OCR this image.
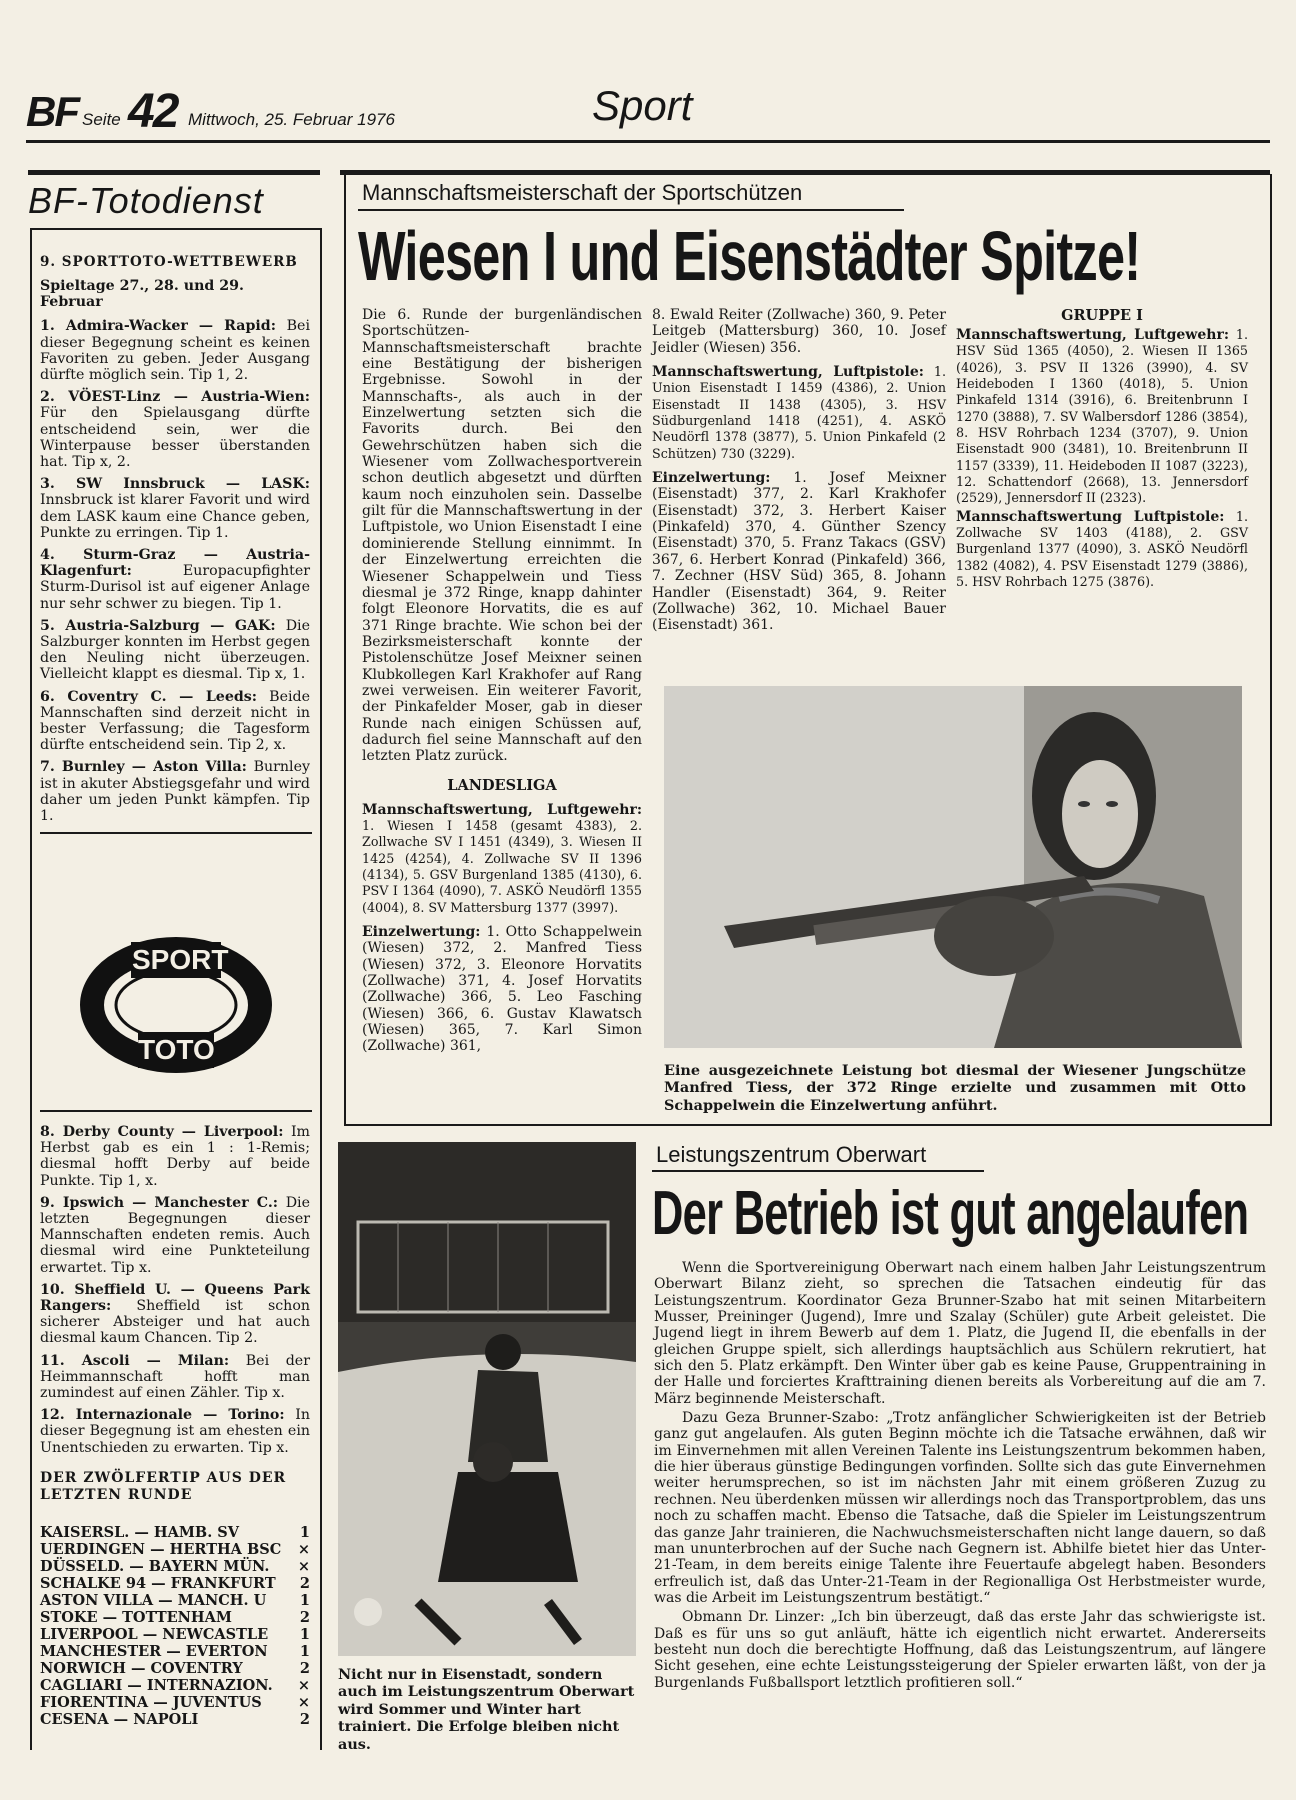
BF Seite 42 Mittwoch, 25. Februar 1976	Sport
BF-Totodienst
9. SPORTTOTO-WETTBEWERB
Spieltage 27., 28. und 29. Februar

1. Admira-Wacker — Rapid: Bei dieser Begegnung scheint es keinen Favoriten zu geben. Jeder Ausgang dürfte möglich sein. Tip 1, 2.

2. VÖEST-Linz — Austria-Wien: Für den Spielausgang dürfte entscheidend sein, wer die Winterpause besser überstanden hat. Tip x, 2.

3. SW Innsbruck — LASK: Innsbruck ist klarer Favorit und wird dem LASK kaum eine Chance geben, Punkte zu erringen. Tip 1.

4. Sturm-Graz — Austria-Klagenfurt:	Europacupfighter Sturm-Durisol ist auf eigener Anlage nur sehr schwer zu biegen. Tip 1.

5. Austria-Salzburg — GAK: Die Salzburger konnten im Herbst gegen den Neuling nicht überzeugen. Vielleicht klappt es diesmal. Tip x, 1.

6. Coventry C. — Leeds: Beide Mannschaften sind derzeit nicht in bester Verfassung; die Tagesform dürfte entscheidend sein. Tip 2, x.

7. Burnley — Aston Villa: Burnley ist in akuter Abstiegsgefahr und wird daher um jeden Punkt kämpfen. Tip 1.

SPORT
TOTO

8. Derby County — Liverpool: Im Herbst gab es ein 1 : 1-Remis; diesmal hofft Derby auf beide Punkte. Tip 1, x.

9. Ipswich — Manchester C.: Die letzten Begegnungen dieser Mannschaften endeten remis. Auch diesmal wird eine Punkteteilung erwartet. Tip x.

10. Sheffield U. — Queens Park Rangers: Sheffield ist schon sicherer Absteiger und hat auch diesmal kaum Chancen. Tip 2.

11. Ascoli — Milan: Bei der Heimmannschaft hofft man zumindest auf einen Zähler. Tip x.

12. Internazionale — Torino: In dieser Begegnung ist am ehesten ein Unentschieden zu erwarten. Tip x.

DER ZWÖLFERTIP AUS DER LETZTEN RUNDE
KAISERSL. — HAMB. SV	1
UERDINGEN — HERTHA BSC ×
DÜSSELD. — BAYERN MÜN. ×
SCHALKE 94 — FRANKFURT 2
ASTON VILLA — MANCH. U 1
STOKE — TOTTENHAM	2
LIVERPOOL — NEWCASTLE 1
MANCHESTER — EVERTON 1
NORWICH — COVENTRY	2
CAGLIARI — INTERNAZION. ×
FIORENTINA — JUVENTUS ×
CESENA — NAPOLI	2
Mannschaftsmeisterschaft der Sportschützen
Wiesen I und Eisenstädter Spitze!

Die 6. Runde der burgenländischen Sportschützen-Mannschaftsmeisterschaft brachte eine Bestätigung der bisherigen Ergebnisse. Sowohl in der Mannschafts-, als auch in der Einzelwertung setzten sich die Favorits durch. Bei den Gewehrschützen haben sich die Wiesener vom Zollwachesportverein schon deutlich abgesetzt und dürften kaum noch einzuholen sein. Dasselbe gilt für die Mannschaftswertung in der Luftpistole, wo Union Eisenstadt I eine dominierende Stellung einnimmt. In der Einzelwertung erreichten die Wiesener Schappelwein und Tiess diesmal je 372 Ringe, knapp dahinter folgt Eleonore Horvatits, die es auf 371 Ringe brachte. Wie schon bei der Bezirksmeisterschaft konnte der Pistolenschütze Josef Meixner seinen Klubkollegen Karl Krakhofer auf Rang zwei verweisen. Ein weiterer Favorit, der Pinkafelder Moser, gab in dieser Runde nach einigen Schüssen auf, dadurch fiel seine Mannschaft auf den letzten Platz zurück.

LANDESLIGA

Mannschaftswertung, Luftgewehr: 1. Wiesen I 1458 (gesamt 4383), 2. Zollwache SV I 1451 (4349), 3. Wiesen II 1425 (4254), 4. Zollwache SV II 1396 (4134), 5. GSV Burgenland 1385 (4130), 6. PSV I 1364 (4090), 7. ASKÖ Neudörfl 1355 (4004), 8. SV Mattersburg 1377 (3997).

Einzelwertung: 1. Otto Schappelwein (Wiesen) 372, 2. Manfred Tiess (Wiesen) 372, 3. Eleonore Horvatits (Zollwache) 371, 4. Josef Horvatits (Zollwache) 366, 5. Leo Fasching (Wiesen) 366, 6. Gustav Klawatsch (Wiesen) 365, 7. Karl Simon (Zollwache) 361,

8. Ewald Reiter (Zollwache) 360, 9. Peter Leitgeb (Mattersburg) 360, 10. Josef Jeidler (Wiesen) 356.

Mannschaftswertung, Luftpistole: 1. Union Eisenstadt I 1459 (4386), 2. Union Eisenstadt II 1438 (4305), 3. HSV Südburgenland 1418 (4251), 4. ASKÖ Neudörfl 1378 (3877), 5. Union Pinkafeld (2 Schützen) 730 (3229).

Einzelwertung: 1. Josef Meixner (Eisenstadt) 377, 2. Karl Krakhofer (Eisenstadt) 372, 3. Herbert Kaiser (Pinkafeld) 370, 4. Günther Szency (Eisenstadt) 370, 5. Franz Takacs (GSV) 367, 6. Herbert Konrad (Pinkafeld) 366, 7. Zechner (HSV Süd) 365, 8. Johann Handler (Eisenstadt) 364, 9. Reiter (Zollwache) 362, 10. Michael Bauer (Eisenstadt) 361.

GRUPPE I

Mannschaftswertung, Luftgewehr: 1. HSV Süd 1365 (4050), 2. Wiesen II 1365 (4026), 3. PSV II 1326 (3990), 4. SV Heideboden I 1360 (4018), 5. Union Pinkafeld 1314 (3916), 6. Breitenbrunn I 1270 (3888), 7. SV Walbersdorf 1286 (3854), 8. HSV Rohrbach 1234 (3707), 9. Union Eisenstadt 900 (3481), 10. Breitenbrunn II 1157 (3339), 11. Heideboden II 1087 (3223), 12. Schattendorf (2668), 13. Jennersdorf (2529), Jennersdorf II (2323).

Mannschaftswertung Luftpistole: 1. Zollwache SV 1403 (4188), 2. GSV Burgenland 1377 (4090), 3. ASKÖ Neudörfl 1382 (4082), 4. PSV Eisenstadt 1279 (3886), 5. HSV Rohrbach 1275 (3876).

Eine ausgezeichnete Leistung bot diesmal der Wiesener Jungschütze Manfred Tiess, der 372 Ringe erzielte und zusammen mit Otto Schappelwein die Einzelwertung anführt.

Nicht nur in Eisenstadt, sondern auch im Leistungszentrum Oberwart wird Sommer und Winter hart trainiert. Die Erfolge bleiben nicht aus.

Leistungszentrum Oberwart
Der Betrieb ist gut angelaufen

Wenn die Sportvereinigung Oberwart nach einem halben Jahr Leistungszentrum Oberwart Bilanz zieht, so sprechen die Tatsachen eindeutig für das Leistungszentrum. Koordinator Geza Brunner-Szabo hat mit seinen Mitarbeitern Musser, Preininger (Jugend), Imre und Szalay (Schüler) gute Arbeit geleistet. Die Jugend liegt in ihrem Bewerb auf dem 1. Platz, die Jugend II, die ebenfalls in der gleichen Gruppe spielt, sich allerdings hauptsächlich aus Schülern rekrutiert, hat sich den 5. Platz erkämpft. Den Winter über gab es keine Pause, Gruppentraining in der Halle und forciertes Krafttraining dienen bereits als Vorbereitung auf die am 7. März beginnende Meisterschaft.

Dazu Geza Brunner-Szabo: „Trotz anfänglicher Schwierigkeiten ist der Betrieb ganz gut angelaufen. Als guten Beginn möchte ich die Tatsache erwähnen, daß wir im Einvernehmen mit allen Vereinen Talente ins Leistungszentrum bekommen haben, die hier überaus günstige Bedingungen vorfinden. Sollte sich das gute Einvernehmen weiter herumsprechen, so ist im nächsten Jahr mit einem größeren Zuzug zu rechnen. Neu überdenken müssen wir allerdings noch das Transportproblem, das uns noch zu schaffen macht. Ebenso die Tatsache, daß die Spieler im Leistungszentrum das ganze Jahr trainieren, die Nachwuchsmeisterschaften nicht lange dauern, so daß man ununterbrochen auf der Suche nach Gegnern ist. Abhilfe bietet hier das Unter-21-Team, in dem bereits einige Talente ihre Feuertaufe abgelegt haben. Besonders erfreulich ist, daß das Unter-21-Team in der Regionalliga Ost Herbstmeister wurde, was die Arbeit im Leistungszentrum bestätigt.“

Obmann Dr. Linzer: „Ich bin überzeugt, daß das erste Jahr das schwierigste ist. Daß es für uns so gut anläuft, hätte ich eigentlich nicht erwartet. Andererseits besteht nun doch die berechtigte Hoffnung, daß das Leistungszentrum, auf längere Sicht gesehen, eine echte Leistungssteigerung der Spieler erwarten läßt, von der ja Burgenlands Fußballsport letztlich profitieren soll.“
